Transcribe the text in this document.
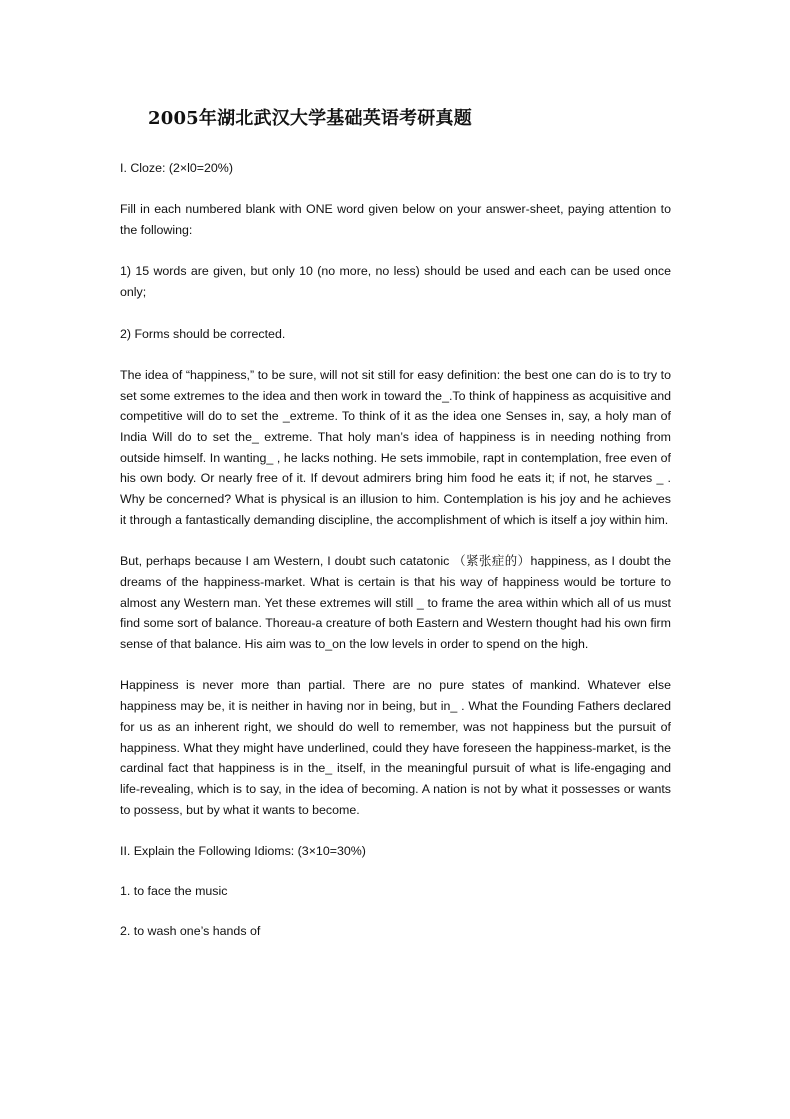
2005年湖北武汉大学基础英语考研真题

I. Cloze: (2×l0=20%)

Fill in each numbered blank with ONE word given below on your answer-sheet, paying attention to the following:

1) 15 words are given, but only 10 (no more, no less) should be used and each can be used once only;

2) Forms should be corrected.

The idea of “happiness,” to be sure, will not sit still for easy definition: the best one can do is to try to set some extremes to the idea and then work in toward the_.To think of happiness as acquisitive and competitive will do to set the _extreme. To think of it as the idea one Senses in, say, a holy man of India Will do to set the_ extreme. That holy man’s idea of happiness is in needing nothing from outside himself. In wanting_ , he lacks nothing. He sets immobile, rapt in contemplation, free even of his own body. Or nearly free of it. If devout admirers bring him food he eats it; if not, he starves _ . Why be concerned? What is physical is an illusion to him. Contemplation is his joy and he achieves it through a fantastically demanding discipline, the accomplishment of which is itself a joy within him.

But, perhaps because I am Western, I doubt such catatonic （紧张症的）happiness, as I doubt the dreams of the happiness-market. What is certain is that his way of happiness would be torture to almost any Western man. Yet these extremes will still _ to frame the area within which all of us must find some sort of balance. Thoreau-a creature of both Eastern and Western thought had his own firm sense of that balance. His aim was to_on the low levels in order to spend on the high.

Happiness is never more than partial. There are no pure states of mankind. Whatever else happiness may be, it is neither in having nor in being, but in_ . What the Founding Fathers declared for us as an inherent right, we should do well to remember, was not happiness but the pursuit of happiness. What they might have underlined, could they have foreseen the happiness-market, is the cardinal fact that happiness is in the_ itself, in the meaningful pursuit of what is life-engaging and life-revealing, which is to say, in the idea of becoming. A nation is not by what it possesses or wants to possess, but by what it wants to become.

II. Explain the Following Idioms: (3×10=30%)

1. to face the music

2. to wash one’s hands of
